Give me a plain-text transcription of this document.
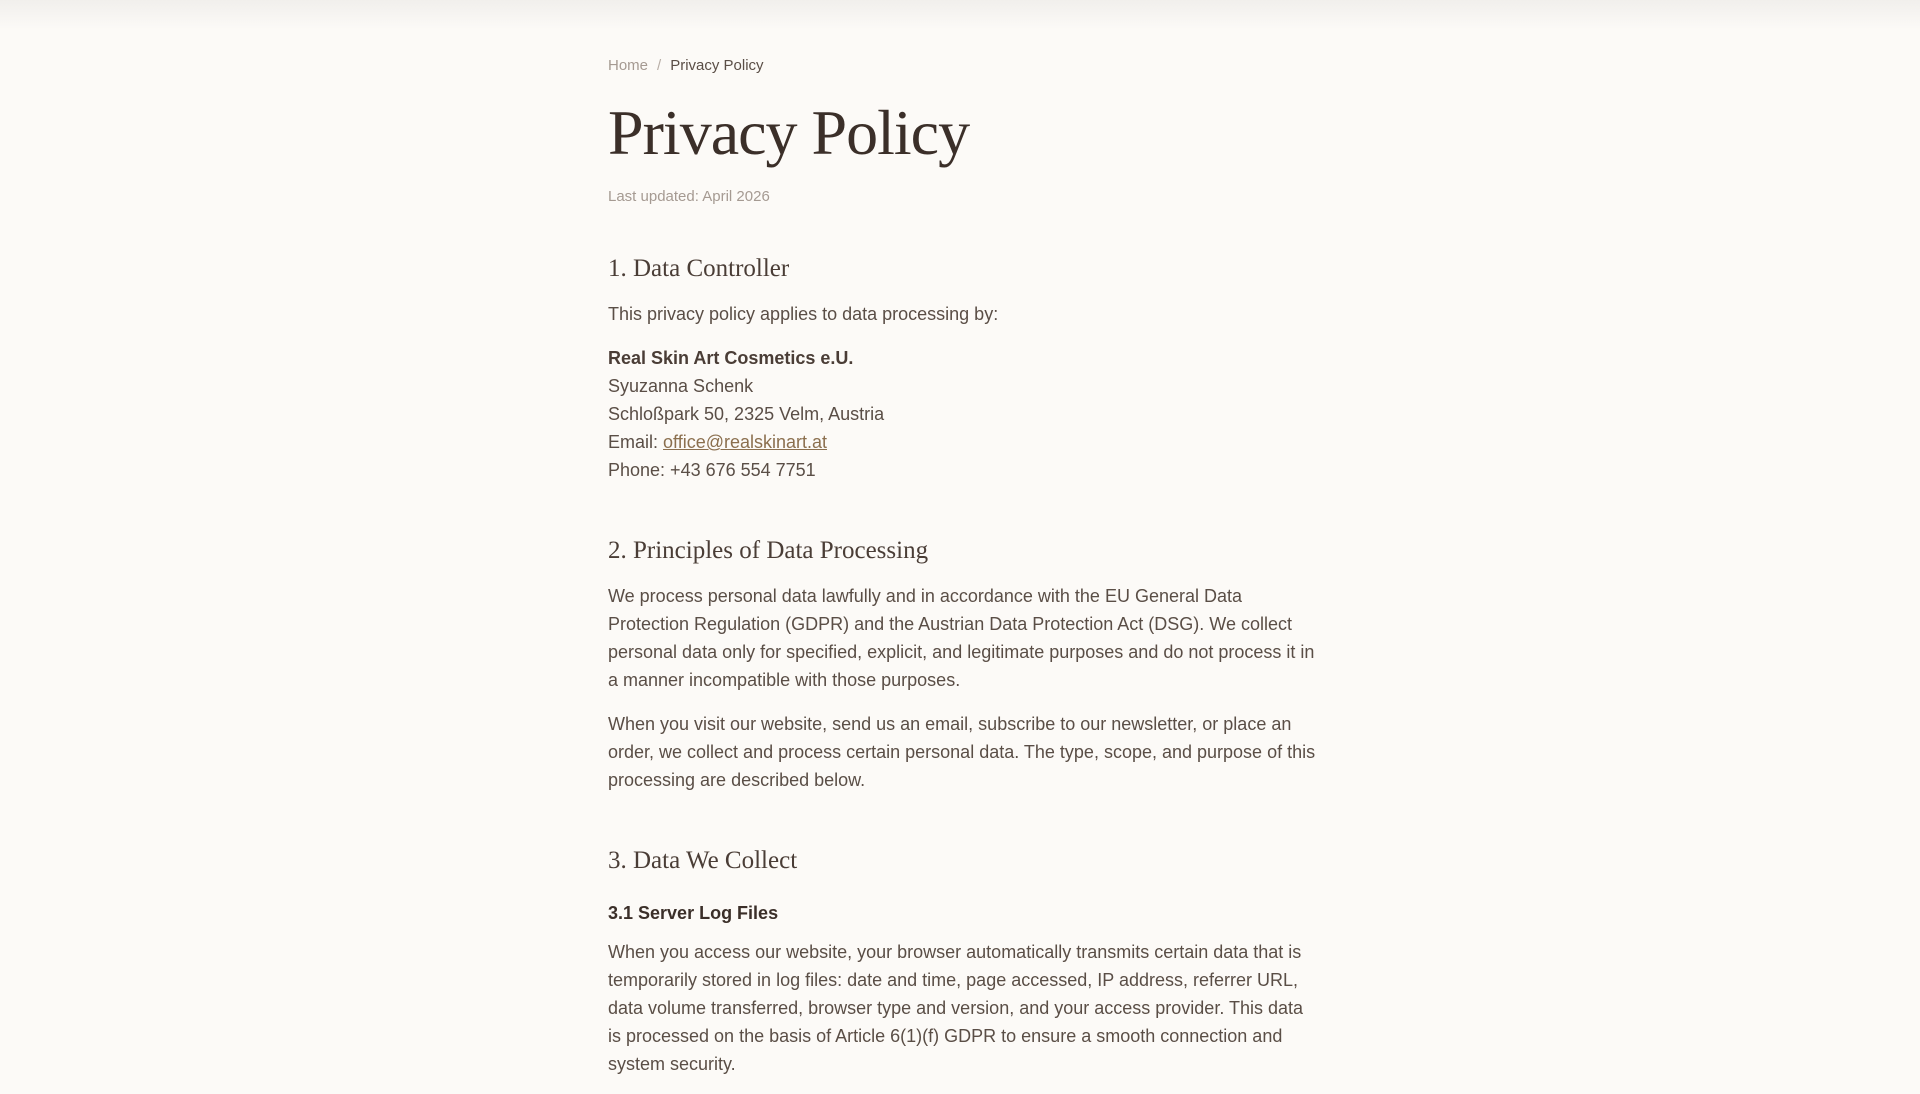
Home / Privacy Policy
Privacy Policy
Last updated: April 2026
1. Data Controller

This privacy policy applies to data processing by:

Real Skin Art Cosmetics e.U.
Syuzanna Schenk
Schloßpark 50, 2325 Velm, Austria
Email: office@realskinart.at
Phone: +43 676 554 7751

2. Principles of Data Processing

We process personal data lawfully and in accordance with the EU General Data Protection Regulation (GDPR) and the Austrian Data Protection Act (DSG). We collect personal data only for specified, explicit, and legitimate purposes and do not process it in a manner incompatible with those purposes.

When you visit our website, send us an email, subscribe to our newsletter, or place an order, we collect and process certain personal data. The type, scope, and purpose of this processing are described below.

3. Data We Collect
3.1 Server Log Files

When you access our website, your browser automatically transmits certain data that is temporarily stored in log files: date and time, page accessed, IP address, referrer URL, data volume transferred, browser type and version, and your access provider. This data is processed on the basis of Article 6(1)(f) GDPR to ensure a smooth connection and system security.
